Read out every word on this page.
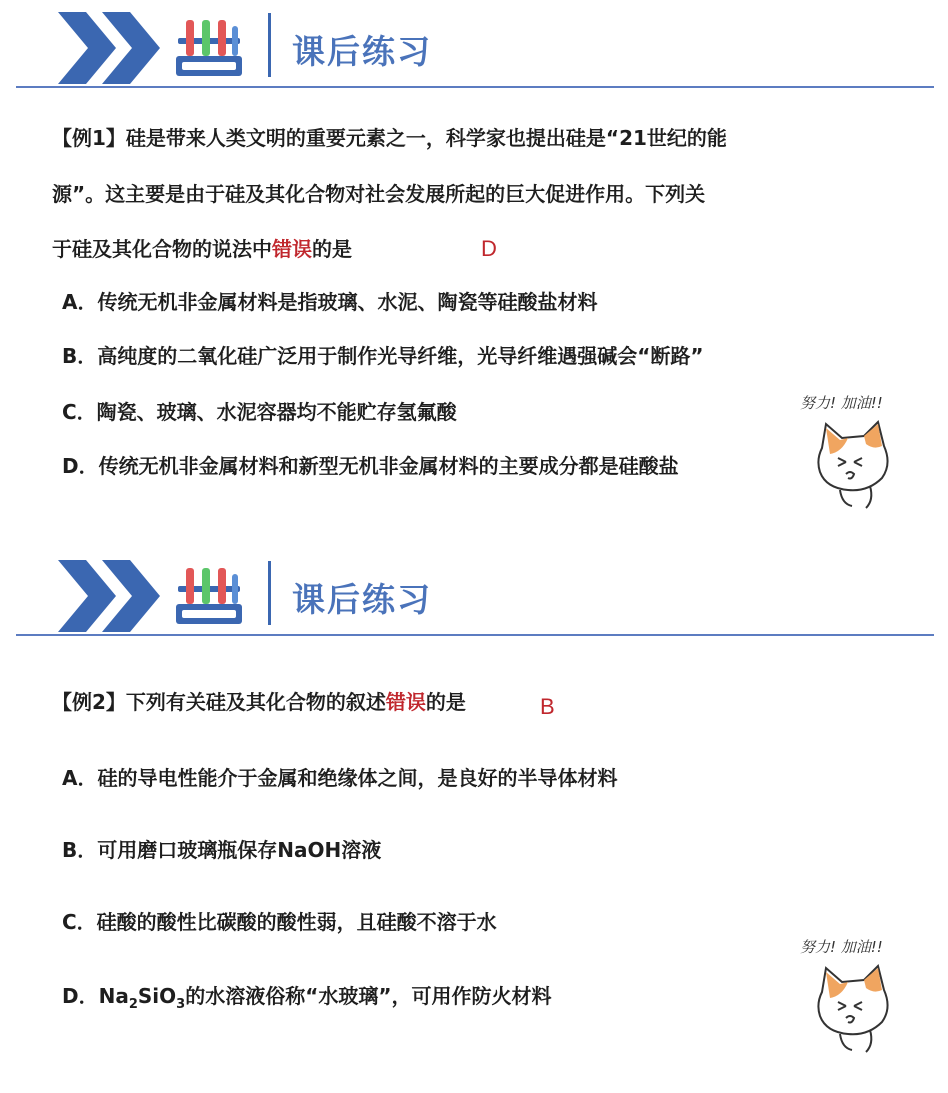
课后练习
【例1】硅是带来人类文明的重要元素之一，科学家也提出硅是“21世纪的能
源”。这主要是由于硅及其化合物对社会发展所起的巨大促进作用。下列关
于硅及其化合物的说法中错误的是	D
A．传统无机非金属材料是指玻璃、水泥、陶瓷等硅酸盐材料
B．高纯度的二氧化硅广泛用于制作光导纤维，光导纤维遇强碱会“断路”
C．陶瓷、玻璃、水泥容器均不能贮存氢氟酸
D．传统无机非金属材料和新型无机非金属材料的主要成分都是硅酸盐
努力! 加油!!
课后练习
【例2】下列有关硅及其化合物的叙述错误的是	B
A．硅的导电性能介于金属和绝缘体之间，是良好的半导体材料
B．可用磨口玻璃瓶保存NaOH溶液
C．硅酸的酸性比碳酸的酸性弱，且硅酸不溶于水
D．$Na_2SiO_3$的水溶液俗称“水玻璃”，可用作防火材料
努力! 加油!!
